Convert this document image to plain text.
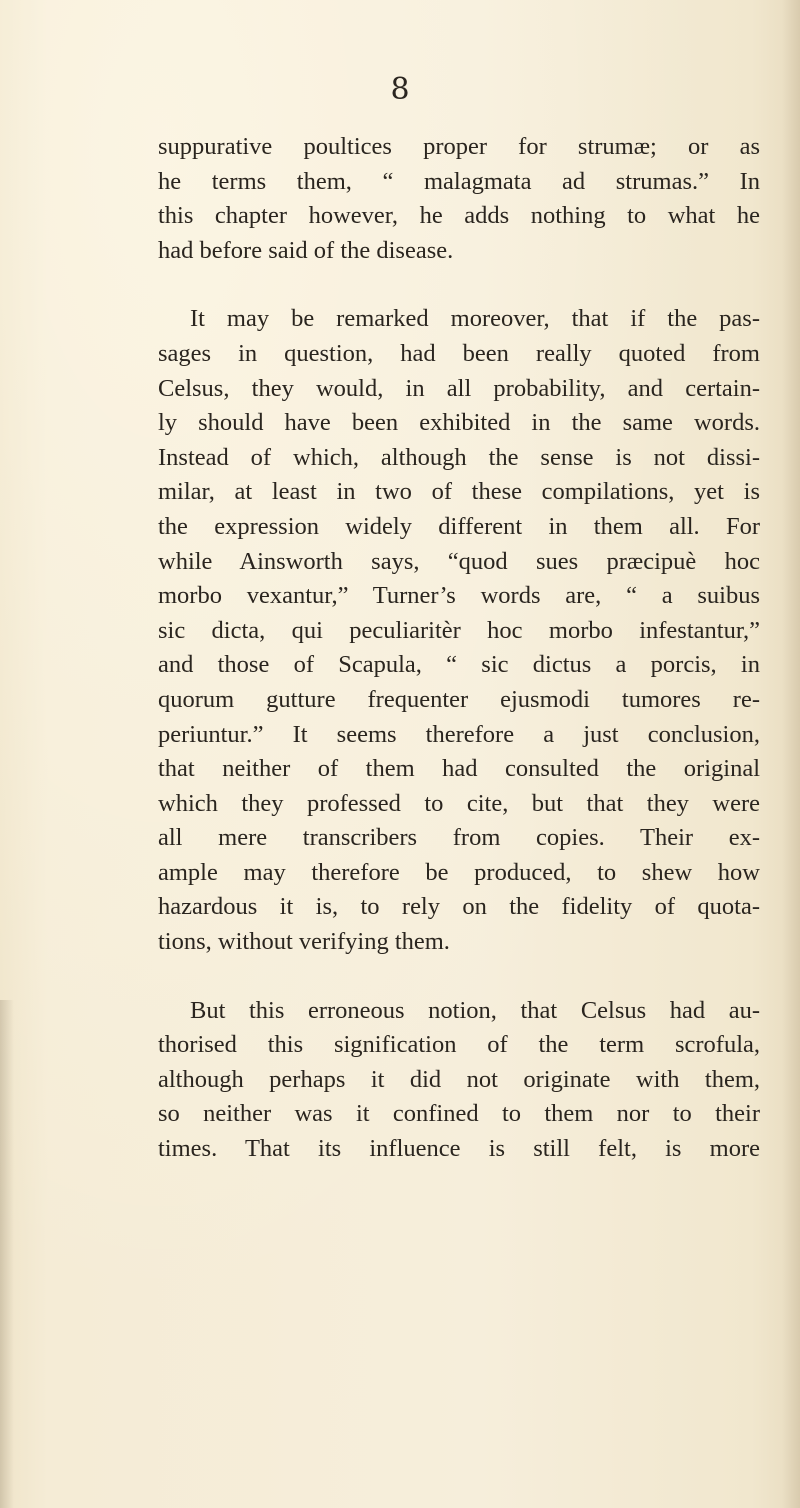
8
suppurative poultices proper for strumæ; or as
he terms them, “ malagmata ad strumas.” In
this chapter however, he adds nothing to what he
had before said of the disease.
It may be remarked moreover, that if the pas-
sages in question, had been really quoted from
Celsus, they would, in all probability, and certain-
ly should have been exhibited in the same words.
Instead of which, although the sense is not dissi-
milar, at least in two of these compilations, yet is
the expression widely different in them all. For
while Ainsworth says, “quod sues præcipuè hoc
morbo vexantur,” Turner’s words are, “ a suibus
sic dicta, qui peculiaritèr hoc morbo infestantur,”
and those of Scapula, “ sic dictus a porcis, in
quorum gutture frequenter ejusmodi tumores re-
periuntur.” It seems therefore a just conclusion,
that neither of them had consulted the original
which they professed to cite, but that they were
all mere transcribers from copies. Their ex-
ample may therefore be produced, to shew how
hazardous it is, to rely on the fidelity of quota-
tions, without verifying them.
But this erroneous notion, that Celsus had au-
thorised this signification of the term scrofula,
although perhaps it did not originate with them,
so neither was it confined to them nor to their
times. That its influence is still felt, is more
